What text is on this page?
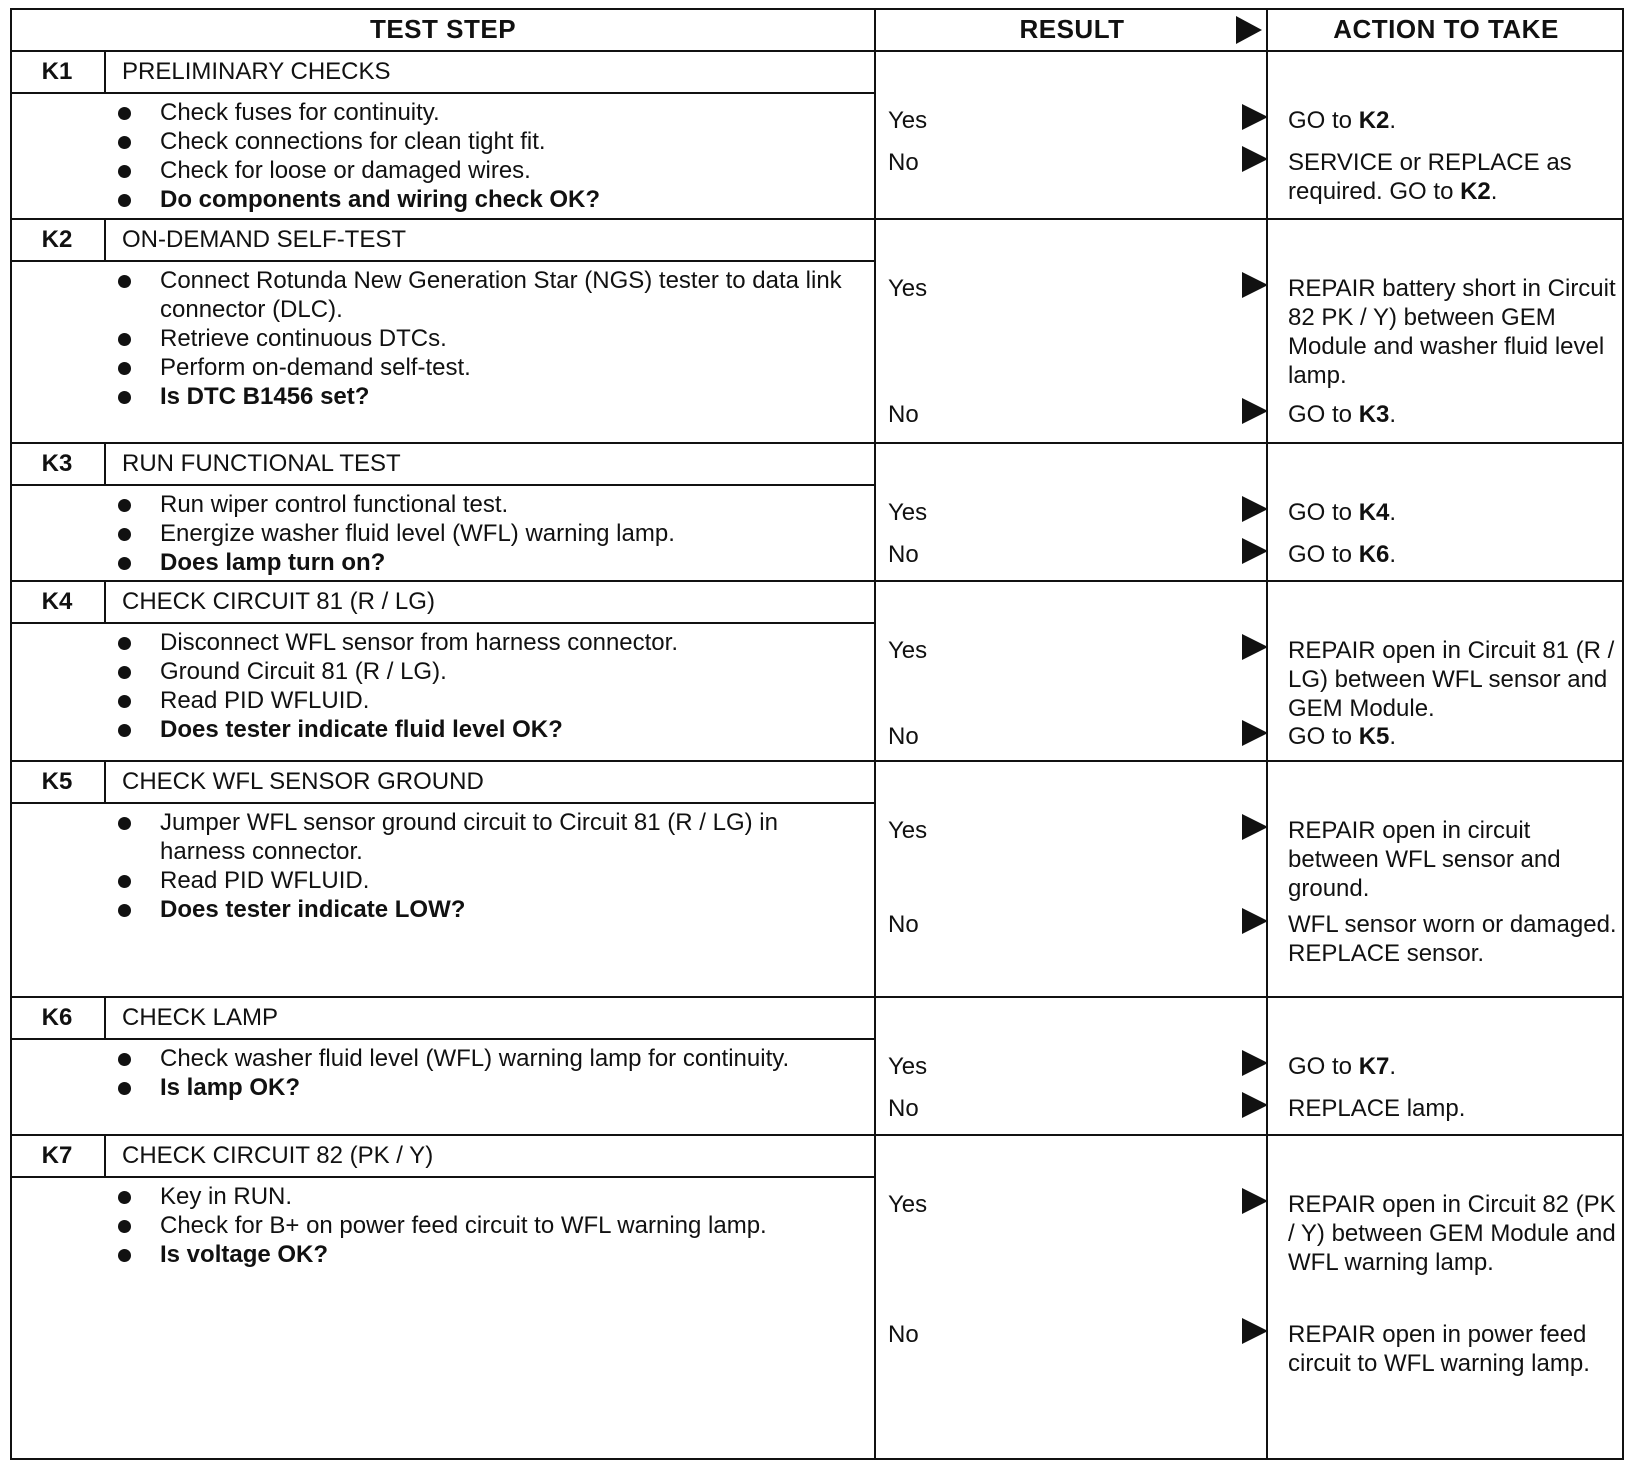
TEST STEP	RESULT	ACTION TO TAKE
K1	PRELIMINARY CHECKS
Check fuses for continuity.
Check connections for clean tight fit.
Check for loose or damaged wires.
Do components and wiring check OK?
Yes	GO to K2.
No	SERVICE or REPLACE as required. GO to K2.
K2	ON-DEMAND SELF-TEST
Connect Rotunda New Generation Star (NGS) tester to data link connector (DLC).
Retrieve continuous DTCs.
Perform on-demand self-test.
Is DTC B1456 set?
Yes	REPAIR battery short in Circuit 82 PK / Y) between GEM Module and washer fluid level lamp.
No	GO to K3.
K3	RUN FUNCTIONAL TEST
Run wiper control functional test.
Energize washer fluid level (WFL) warning lamp.
Does lamp turn on?
Yes	GO to K4.
No	GO to K6.
K4	CHECK CIRCUIT 81 (R / LG)
Disconnect WFL sensor from harness connector.
Ground Circuit 81 (R / LG).
Read PID WFLUID.
Does tester indicate fluid level OK?
Yes	REPAIR open in Circuit 81 (R / LG) between WFL sensor and GEM Module.
No	GO to K5.
K5	CHECK WFL SENSOR GROUND
Jumper WFL sensor ground circuit to Circuit 81 (R / LG) in harness connector.
Read PID WFLUID.
Does tester indicate LOW?
Yes	REPAIR open in circuit between WFL sensor and ground.
No	WFL sensor worn or damaged. REPLACE sensor.
K6	CHECK LAMP
Check washer fluid level (WFL) warning lamp for continuity.
Is lamp OK?
Yes	GO to K7.
No	REPLACE lamp.
K7	CHECK CIRCUIT 82 (PK / Y)
Key in RUN.
Check for B+ on power feed circuit to WFL warning lamp.
Is voltage OK?
Yes	REPAIR open in Circuit 82 (PK / Y) between GEM Module and WFL warning lamp.
No	REPAIR open in power feed circuit to WFL warning lamp.
